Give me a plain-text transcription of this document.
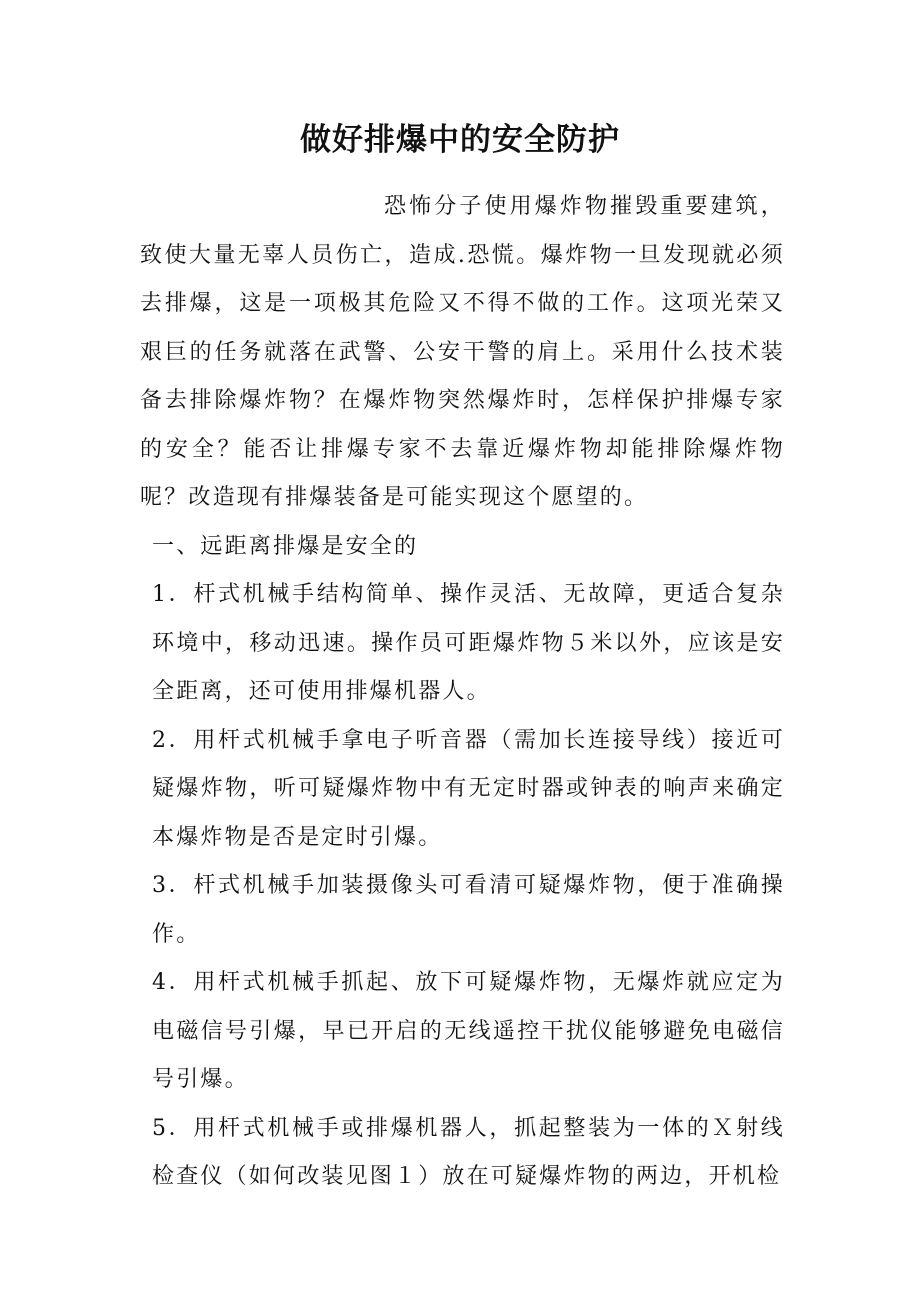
做好排爆中的安全防护

恐怖分子使用爆炸物摧毁重要建筑，致使大量无辜人员伤亡，造成.恐慌。爆炸物一旦发现就必须去排爆，这是一项极其危险又不得不做的工作。这项光荣又艰巨的任务就落在武警、公安干警的肩上。采用什么技术装备去排除爆炸物？在爆炸物突然爆炸时，怎样保护排爆专家的安全？能否让排爆专家不去靠近爆炸物却能排除爆炸物呢？改造现有排爆装备是可能实现这个愿望的。

一、远距离排爆是安全的

1．杆式机械手结构简单、操作灵活、无故障，更适合复杂环境中，移动迅速。操作员可距爆炸物５米以外，应该是安全距离，还可使用排爆机器人。

2．用杆式机械手拿电子听音器（需加长连接导线）接近可疑爆炸物，听可疑爆炸物中有无定时器或钟表的响声来确定本爆炸物是否是定时引爆。

3．杆式机械手加装摄像头可看清可疑爆炸物，便于准确操作。

4．用杆式机械手抓起、放下可疑爆炸物，无爆炸就应定为电磁信号引爆，早已开启的无线遥控干扰仪能够避免电磁信号引爆。

5．用杆式机械手或排爆机器人，抓起整装为一体的Ｘ射线检查仪（如何改装见图１）放在可疑爆炸物的两边，开机检
